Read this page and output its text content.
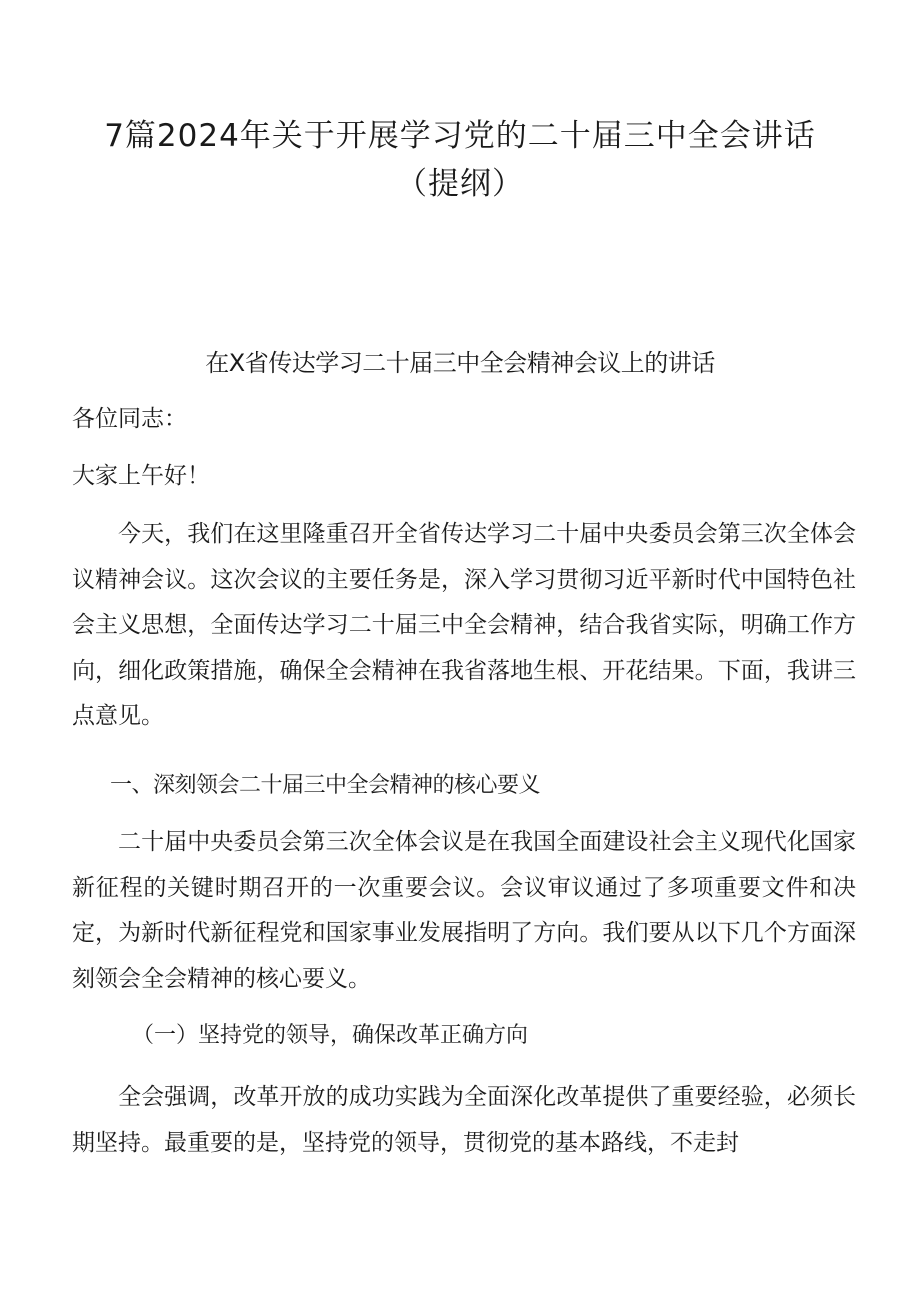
7篇2024年关于开展学习党的二十届三中全会讲话
（提纲）
在X省传达学习二十届三中全会精神会议上的讲话

各位同志：

大家上午好！

今天，我们在这里隆重召开全省传达学习二十届中央委员会第三次全体会议精神会议。这次会议的主要任务是，深入学习贯彻习近平新时代中国特色社会主义思想，全面传达学习二十届三中全会精神，结合我省实际，明确工作方向，细化政策措施，确保全会精神在我省落地生根、开花结果。下面，我讲三点意见。

一、深刻领会二十届三中全会精神的核心要义

二十届中央委员会第三次全体会议是在我国全面建设社会主义现代化国家新征程的关键时期召开的一次重要会议。会议审议通过了多项重要文件和决定，为新时代新征程党和国家事业发展指明了方向。我们要从以下几个方面深刻领会全会精神的核心要义。

（一）坚持党的领导，确保改革正确方向

全会强调，改革开放的成功实践为全面深化改革提供了重要经验，必须长期坚持。最重要的是，坚持党的领导，贯彻党的基本路线，不走封
